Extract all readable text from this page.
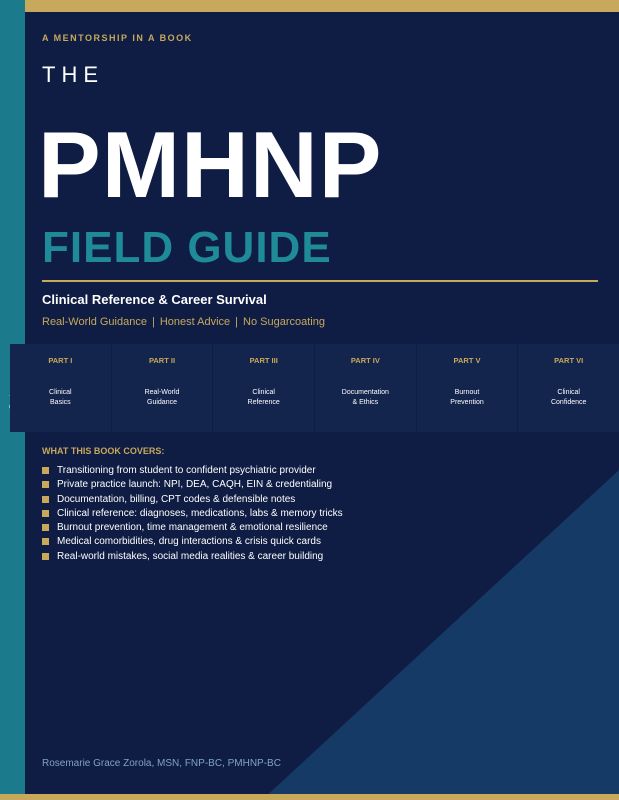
A MENTORSHIP IN A BOOK
THE
PMHNP
FIELD GUIDE
Clinical Reference & Career Survival
Real-World Guidance | Honest Advice | No Sugarcoating
PART I
Clinical
Basics
PART II
Real-World
Guidance
PART III
Clinical
Reference
PART IV
Documentation
& Ethics
PART V
Burnout
Prevention
PART VI
Clinical
Confidence
WHAT THIS BOOK COVERS:
Transitioning from student to confident psychiatric provider
Private practice launch: NPI, DEA, CAQH, EIN & credentialing
Documentation, billing, CPT codes & defensible notes
Clinical reference: diagnoses, medications, labs & memory tricks
Burnout prevention, time management & emotional resilience
Medical comorbidities, drug interactions & crisis quick cards
Real-world mistakes, social media realities & career building
Rosemarie Grace Zorola, MSN, FNP-BC, PMHNP-BC
